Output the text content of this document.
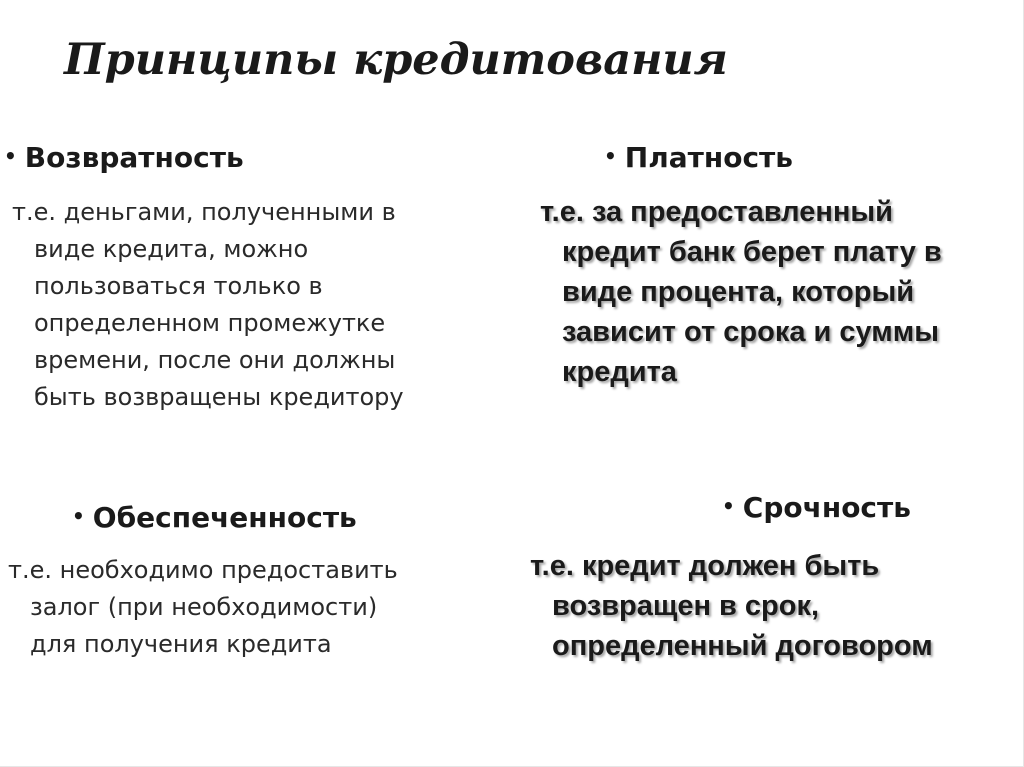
Принципы кредитования
• Возвратность
т.е. деньгами, полученными в
виде кредита, можно
пользоваться только в
определенном промежутке
времени, после они должны
быть возвращены кредитору
• Платность
т.е. за предоставленный
кредит банк берет плату в
виде процента, который
зависит от срока и суммы
кредита
• Обеспеченность
т.е. необходимо предоставить
залог (при необходимости)
для получения кредита
• Срочность
т.е. кредит должен быть
возвращен в срок,
определенный договором
